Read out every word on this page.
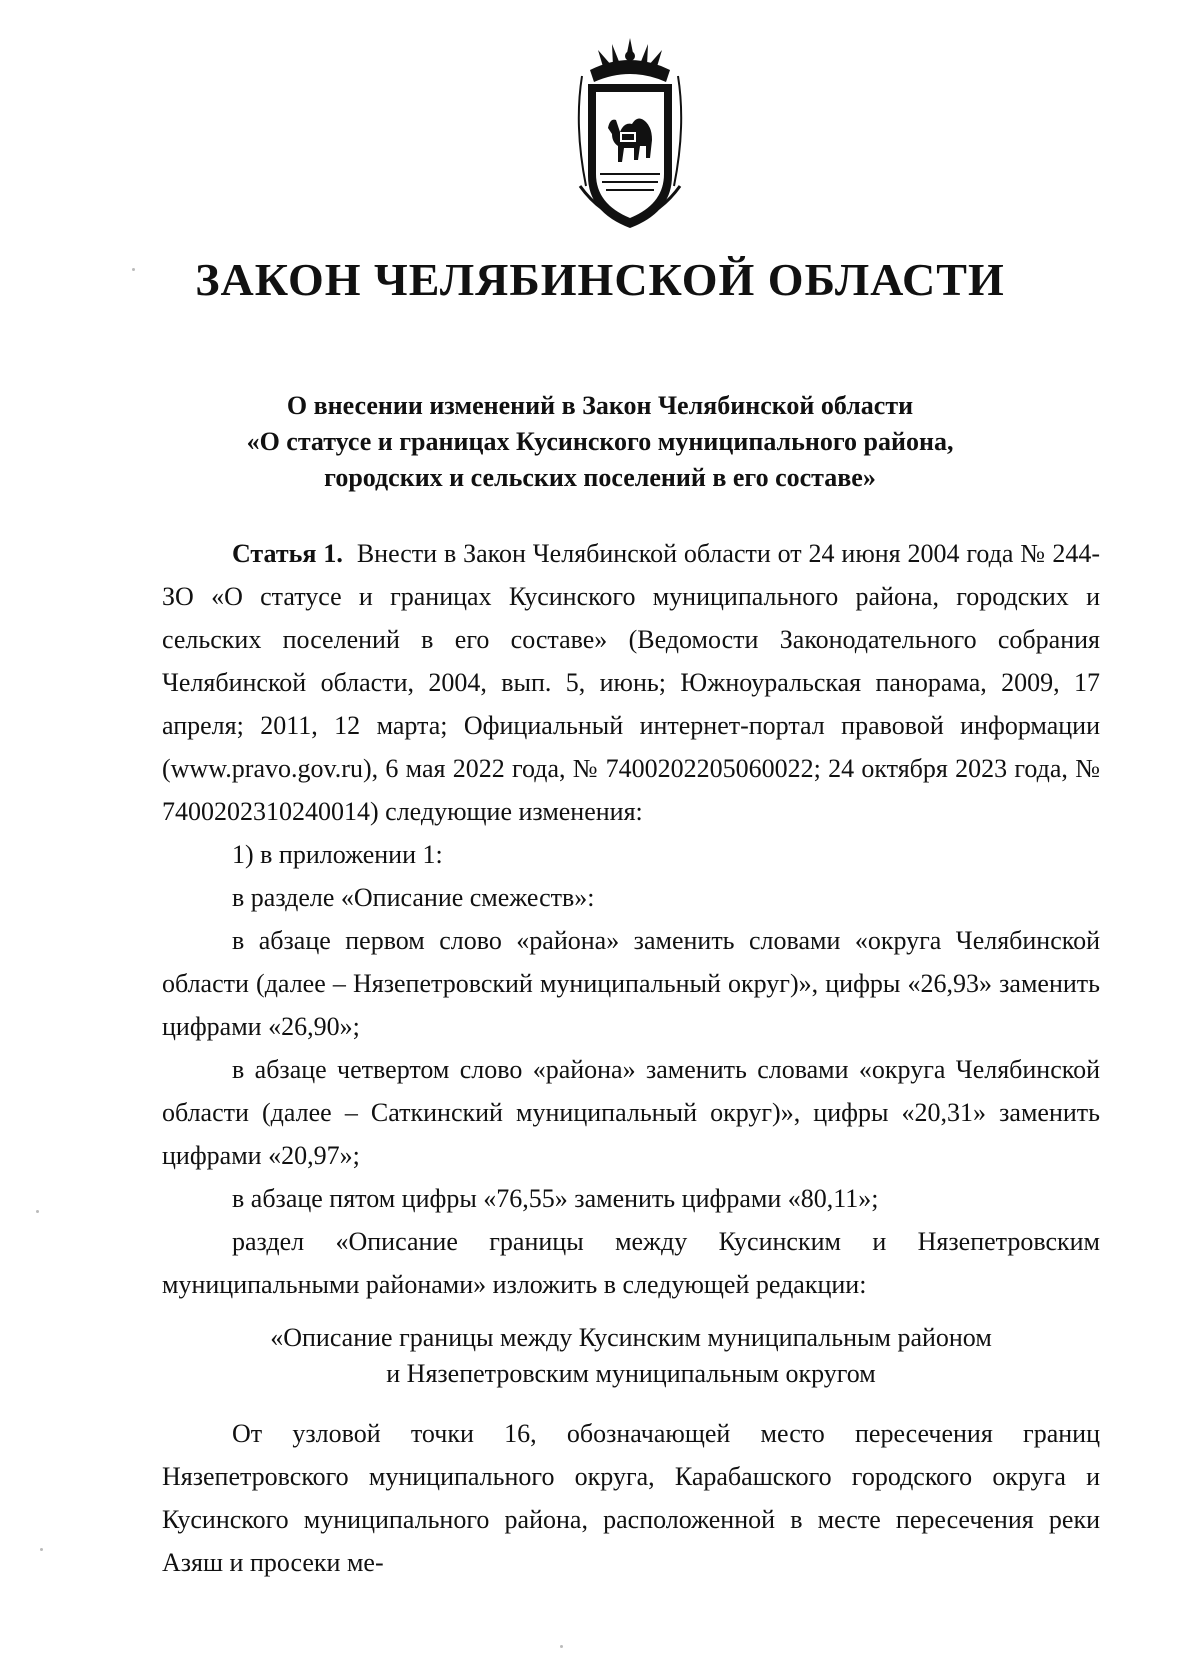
ЗАКОН ЧЕЛЯБИНСКОЙ ОБЛАСТИ
О внесении изменений в Закон Челябинской области
«О статусе и границах Кусинского муниципального района,
городских и сельских поселений в его составе»

Статья 1. Внести в Закон Челябинской области от 24 июня 2004 года № 244-ЗО «О статусе и границах Кусинского муниципального района, городских и сельских поселений в его составе» (Ведомости Законодательного собрания Челябинской области, 2004, вып. 5, июнь; Южноуральская панорама, 2009, 17 апреля; 2011, 12 марта; Официальный интернет-портал правовой информации (www.pravo.gov.ru), 6 мая 2022 года, № 7400202205060022; 24 октября 2023 года, № 7400202310240014) следующие изменения:

1) в приложении 1:

в разделе «Описание смежеств»:

в абзаце первом слово «района» заменить словами «округа Челябинской области (далее – Нязепетровский муниципальный округ)», цифры «26,93» заменить цифрами «26,90»;

в абзаце четвертом слово «района» заменить словами «округа Челябинской области (далее – Саткинский муниципальный округ)», цифры «20,31» заменить цифрами «20,97»;

в абзаце пятом цифры «76,55» заменить цифрами «80,11»;

раздел «Описание границы между Кусинским и Нязепетровским муниципальными районами» изложить в следующей редакции:

«Описание границы между Кусинским муниципальным районом
и Нязепетровским муниципальным округом

От узловой точки 16, обозначающей место пересечения границ Нязепетровского муниципального округа, Карабашского городского округа и Кусинского муниципального района, расположенной в месте пересечения реки Азяш и просеки ме-
